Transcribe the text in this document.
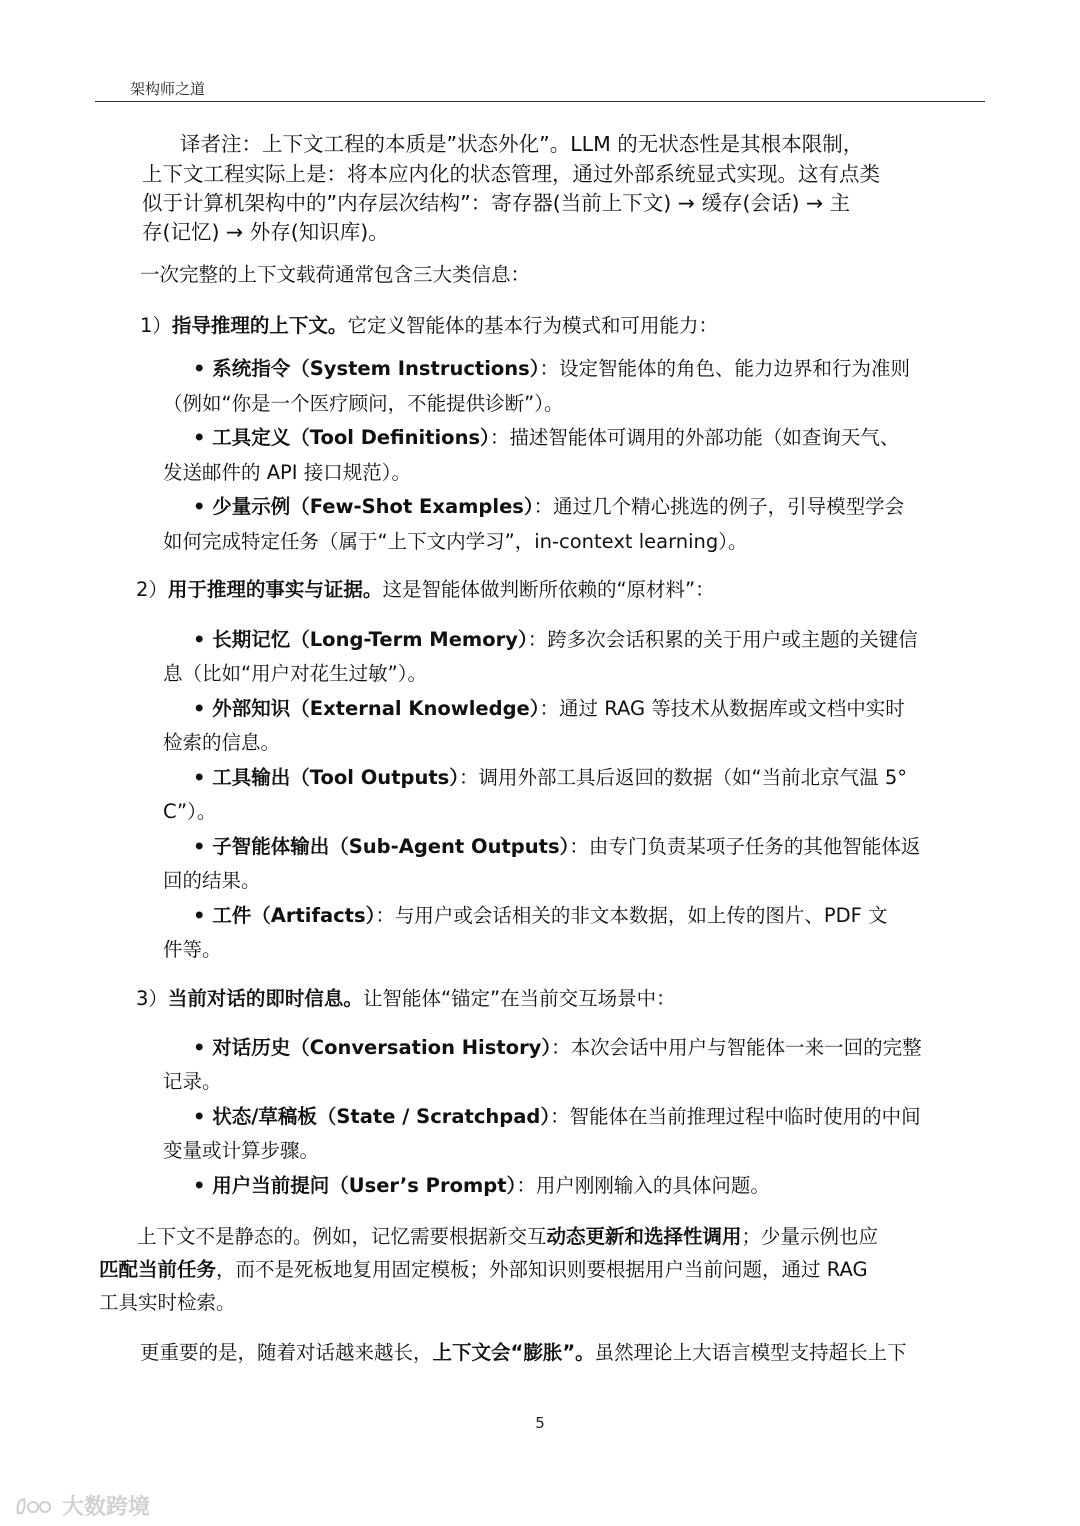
架构师之道

译者注：上下文工程的本质是”状态外化”。LLM 的无状态性是其根本限制，

上下文工程实际上是：将本应内化的状态管理，通过外部系统显式实现。这有点类

似于计算机架构中的”内存层次结构”：寄存器(当前上下文) → 缓存(会话) → 主

存(记忆) → 外存(知识库)。

一次完整的上下文载荷通常包含三大类信息：

1）指导推理的上下文。它定义智能体的基本行为模式和可用能力：

• 系统指令（System Instructions）：设定智能体的角色、能力边界和行为准则

（例如“你是一个医疗顾问，不能提供诊断”）。

• 工具定义（Tool Definitions）：描述智能体可调用的外部功能（如查询天气、

发送邮件的 API 接口规范）。

• 少量示例（Few-Shot Examples）：通过几个精心挑选的例子，引导模型学会

如何完成特定任务（属于“上下文内学习”，in-context learning）。

2）用于推理的事实与证据。这是智能体做判断所依赖的“原材料”：

• 长期记忆（Long-Term Memory）：跨多次会话积累的关于用户或主题的关键信

息（比如“用户对花生过敏”）。

• 外部知识（External Knowledge）：通过 RAG 等技术从数据库或文档中实时

检索的信息。

• 工具输出（Tool Outputs）：调用外部工具后返回的数据（如“当前北京气温 5°

C”）。

• 子智能体输出（Sub-Agent Outputs）：由专门负责某项子任务的其他智能体返

回的结果。

• 工件（Artifacts）：与用户或会话相关的非文本数据，如上传的图片、PDF 文

件等。

3）当前对话的即时信息。让智能体“锚定”在当前交互场景中：

• 对话历史（Conversation History）：本次会话中用户与智能体一来一回的完整

记录。

• 状态/草稿板（State / Scratchpad）：智能体在当前推理过程中临时使用的中间

变量或计算步骤。

• 用户当前提问（User’s Prompt）：用户刚刚输入的具体问题。

上下文不是静态的。例如，记忆需要根据新交互动态更新和选择性调用；少量示例也应

匹配当前任务，而不是死板地复用固定模板；外部知识则要根据用户当前问题，通过 RAG

工具实时检索。

更重要的是，随着对话越来越长，上下文会“膨胀”。虽然理论上大语言模型支持超长上下

5
大数跨境
